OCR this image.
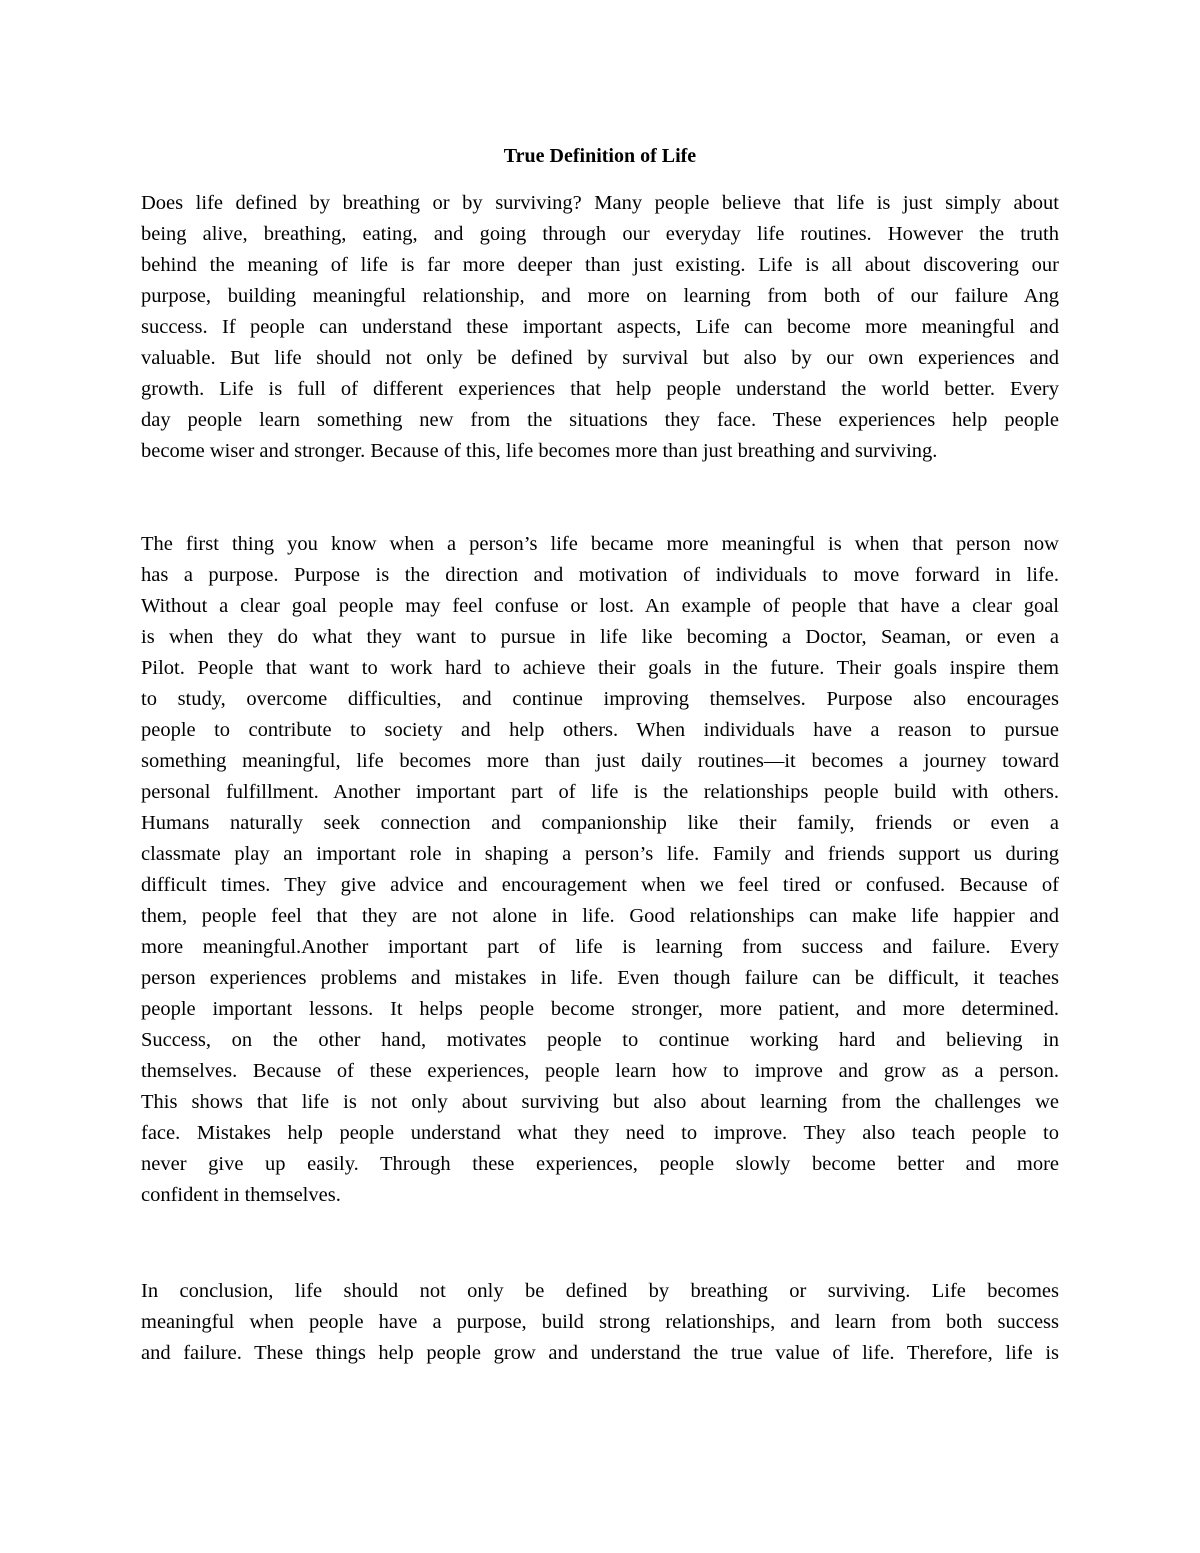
True Definition of Life

Does life defined by breathing or by surviving? Many people believe that life is just simply about
being alive, breathing, eating, and going through our everyday life routines. However the truth
behind the meaning of life is far more deeper than just existing. Life is all about discovering our
purpose, building meaningful relationship, and more on learning from both of our failure Ang
success. If people can understand these important aspects, Life can become more meaningful and
valuable. But life should not only be defined by survival but also by our own experiences and
growth. Life is full of different experiences that help people understand the world better. Every
day people learn something new from the situations they face. These experiences help people
become wiser and stronger. Because of this, life becomes more than just breathing and surviving.

The first thing you know when a person’s life became more meaningful is when that person now
has a purpose. Purpose is the direction and motivation of individuals to move forward in life.
Without a clear goal people may feel confuse or lost. An example of people that have a clear goal
is when they do what they want to pursue in life like becoming a Doctor, Seaman, or even a
Pilot. People that want to work hard to achieve their goals in the future. Their goals inspire them
to study, overcome difficulties, and continue improving themselves. Purpose also encourages
people to contribute to society and help others. When individuals have a reason to pursue
something meaningful, life becomes more than just daily routines—it becomes a journey toward
personal fulfillment. Another important part of life is the relationships people build with others.
Humans naturally seek connection and companionship like their family, friends or even a
classmate play an important role in shaping a person’s life. Family and friends support us during
difficult times. They give advice and encouragement when we feel tired or confused. Because of
them, people feel that they are not alone in life. Good relationships can make life happier and
more meaningful.Another important part of life is learning from success and failure. Every
person experiences problems and mistakes in life. Even though failure can be difficult, it teaches
people important lessons. It helps people become stronger, more patient, and more determined.
Success, on the other hand, motivates people to continue working hard and believing in
themselves. Because of these experiences, people learn how to improve and grow as a person.
This shows that life is not only about surviving but also about learning from the challenges we
face. Mistakes help people understand what they need to improve. They also teach people to
never give up easily. Through these experiences, people slowly become better and more
confident in themselves.

In conclusion, life should not only be defined by breathing or surviving. Life becomes
meaningful when people have a purpose, build strong relationships, and learn from both success
and failure. These things help people grow and understand the true value of life. Therefore, life is
